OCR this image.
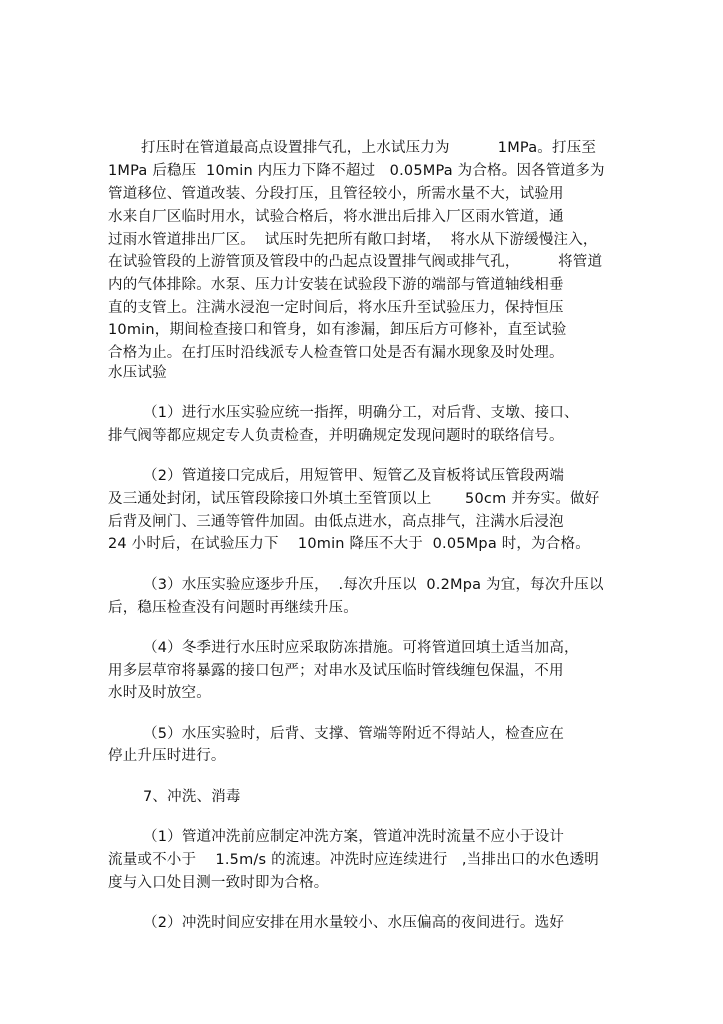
打压时在管道最高点设置排气孔，上水试压力为          1MPa。打压至
1MPa 后稳压  10min 内压力下降不超过   0.05MPa 为合格。因各管道多为
管道移位、管道改装、分段打压，且管径较小，所需水量不大，试验用
水来自厂区临时用水，试验合格后，将水泄出后排入厂区雨水管道，通
过雨水管道排出厂区。  试压时先把所有敞口封堵，  将水从下游缓慢注入，
在试验管段的上游管顶及管段中的凸起点设置排气阀或排气孔，        将管道
内的气体排除。水泵、压力计安装在试验段下游的端部与管道轴线相垂
直的支管上。注满水浸泡一定时间后，将水压升至试验压力，保持恒压
10min，期间检查接口和管身，如有渗漏，卸压后方可修补，直至试验
合格为止。在打压时沿线派专人检查管口处是否有漏水现象及时处理。
水压试验
（1）进行水压实验应统一指挥，明确分工，对后背、支墩、接口、
排气阀等都应规定专人负责检查，并明确规定发现问题时的联络信号。
（2）管道接口完成后，用短管甲、短管乙及盲板将试压管段两端
及三通处封闭，试压管段除接口外填土至管顶以上       50cm 并夯实。做好
后背及闸门、三通等管件加固。由低点进水，高点排气，注满水后浸泡
24 小时后，在试验压力下    10min 降压不大于  0.05Mpa 时，为合格。
（3）水压实验应逐步升压，  .每次升压以  0.2Mpa 为宜，每次升压以
后，稳压检查没有问题时再继续升压。
（4）冬季进行水压时应采取防冻措施。可将管道回填土适当加高，
用多层草帘将暴露的接口包严；对串水及试压临时管线缠包保温，不用
水时及时放空。
（5）水压实验时，后背、支撑、管端等附近不得站人，检查应在
停止升压时进行。
7、冲洗、消毒
（1）管道冲洗前应制定冲洗方案，管道冲洗时流量不应小于设计
流量或不小于    1.5m/s 的流速。冲洗时应连续进行   ,当排出口的水色透明
度与入口处目测一致时即为合格。
（2）冲洗时间应安排在用水量较小、水压偏高的夜间进行。选好
